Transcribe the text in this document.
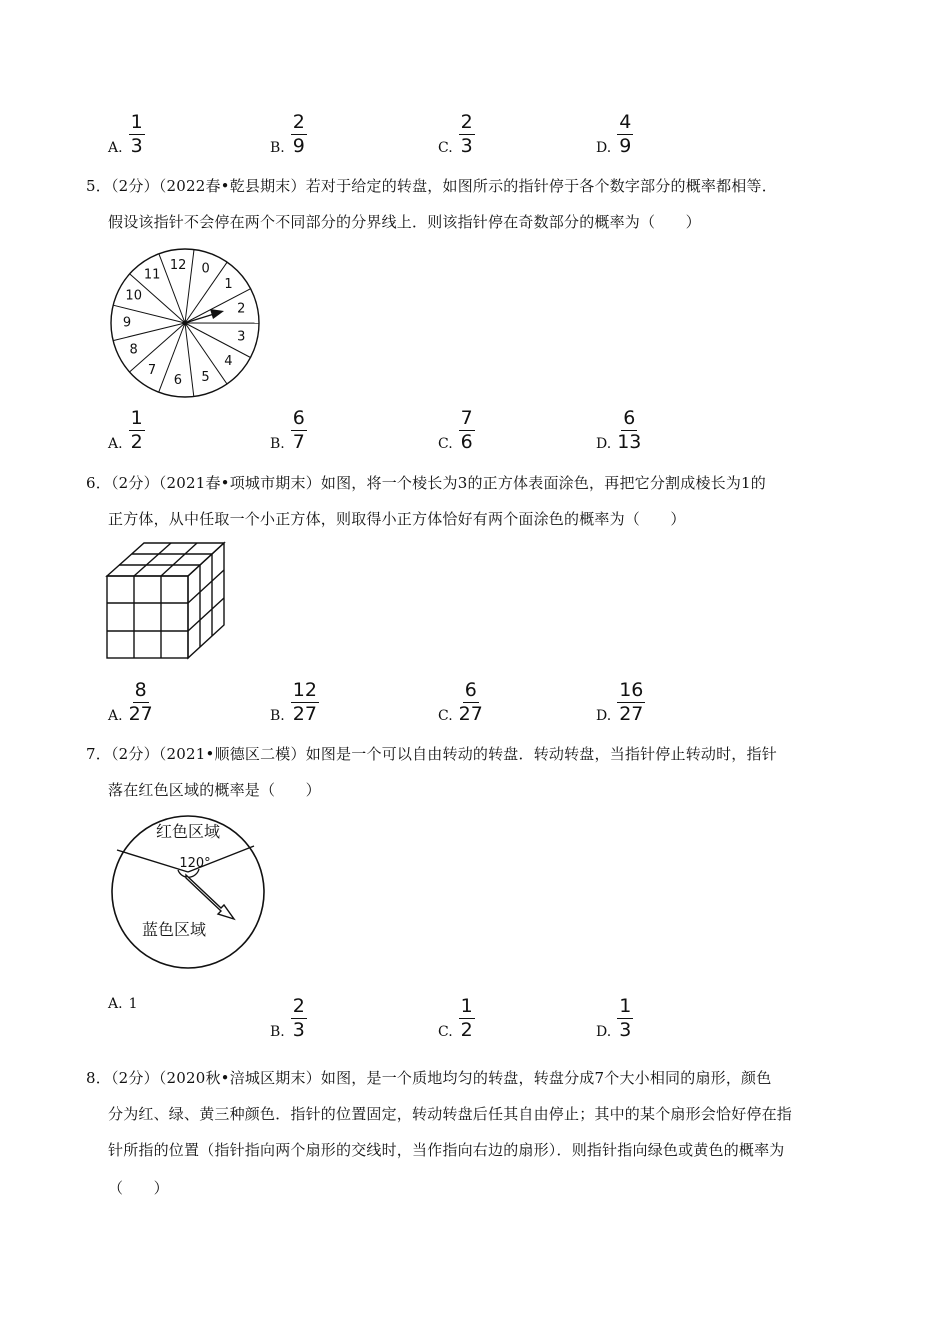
A. $\frac{1}{3}$	B. $\frac{2}{9}$	C. $\frac{2}{3}$	D. $\frac{4}{9}$
5．（2分）（2022春•乾县期末）若对于给定的转盘，如图所示的指针停于各个数字部分的概率都相等．
假设该指针不会停在两个不同部分的分界线上．则该指针停在奇数部分的概率为（　　）
0
1
2
3
4
5
6
7
8
9
10
11
12
A. $\frac{1}{2}$	B. $\frac{6}{7}$	C. $\frac{7}{6}$	D. $\frac{6}{13}$
6．（2分）（2021春•项城市期末）如图，将一个棱长为3的正方体表面涂色，再把它分割成棱长为1的
正方体，从中任取一个小正方体，则取得小正方体恰好有两个面涂色的概率为（　　）
A. $\frac{8}{27}$	B. $\frac{12}{27}$	C. $\frac{6}{27}$	D. $\frac{16}{27}$
7．（2分）（2021•顺德区二模）如图是一个可以自由转动的转盘．转动转盘，当指针停止转动时，指针
落在红色区域的概率是（　　）
红色区域
120°
蓝色区域
A. 1
B. $\frac{2}{3}$	C. $\frac{1}{2}$	D. $\frac{1}{3}$
8．（2分）（2020秋•涪城区期末）如图，是一个质地均匀的转盘，转盘分成7个大小相同的扇形，颜色
分为红、绿、黄三种颜色．指针的位置固定，转动转盘后任其自由停止；其中的某个扇形会恰好停在指
针所指的位置（指针指向两个扇形的交线时，当作指向右边的扇形）．则指针指向绿色或黄色的概率为
（　　）
